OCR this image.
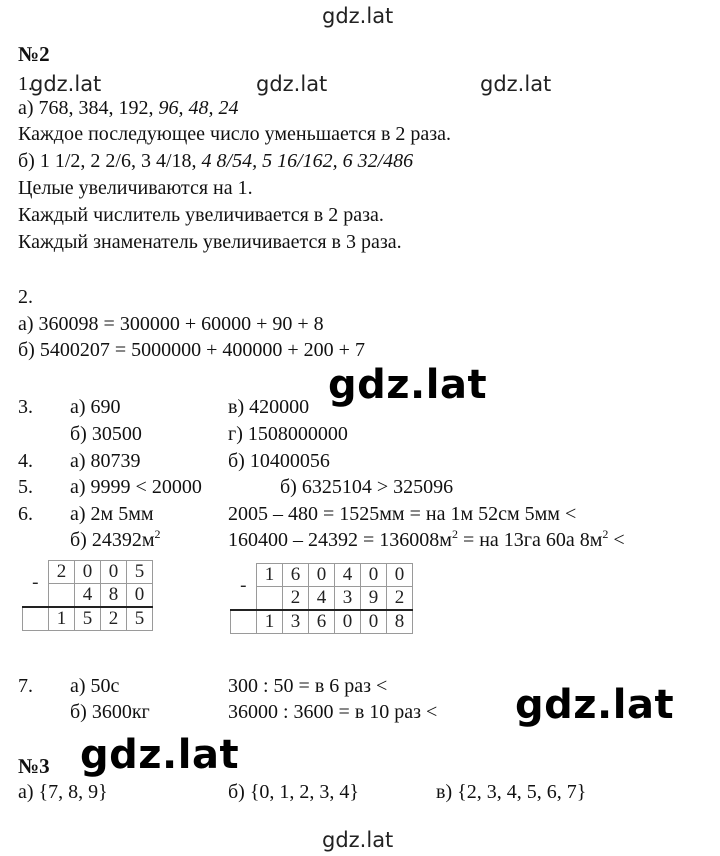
gdz.lat
gdz.lat	gdz.lat	gdz.lat
gdz.lat
gdz.lat
gdz.lat
gdz.lat
№2
1.
а) 768, 384, 192, 96, 48, 24
Каждое последующее число уменьшается в 2 раза.
б) 1 1/2, 2 2/6, 3 4/18, 4 8/54, 5 16/162, 6 32/486
Целые увеличиваются на 1.
Каждый числитель увеличивается в 2 раза.
Каждый знаменатель увеличивается в 3 раза.
2.
а) 360098 = 300000 + 60000 + 90 + 8
б) 5400207 = 5000000 + 400000 + 200 + 7
3. а) 690	в) 420000
б) 30500	г) 1508000000
4. а) 80739	б) 10400056
5. а) 9999 < 20000	б) 6325104 > 325096
6. а) 2м 5мм	2005 – 480 = 1525мм = на 1м 52см 5мм <
б) $24392м^2$	$160400 - 24392 = 136008м^2$ = на 13га 60а $8м^2$ <
-	2	0	0	5
		4	8	0
	1	5	2	5
-	1	6	0	4	0	0
		2	4	3	9	2
	1	3	6	0	0	8
7. а) 50с	300 : 50 = в 6 раз <
б) 3600кг	36000 : 3600 = в 10 раз <
№3
а) {7, 8, 9}	б) {0, 1, 2, 3, 4}	в) {2, 3, 4, 5, 6, 7}
